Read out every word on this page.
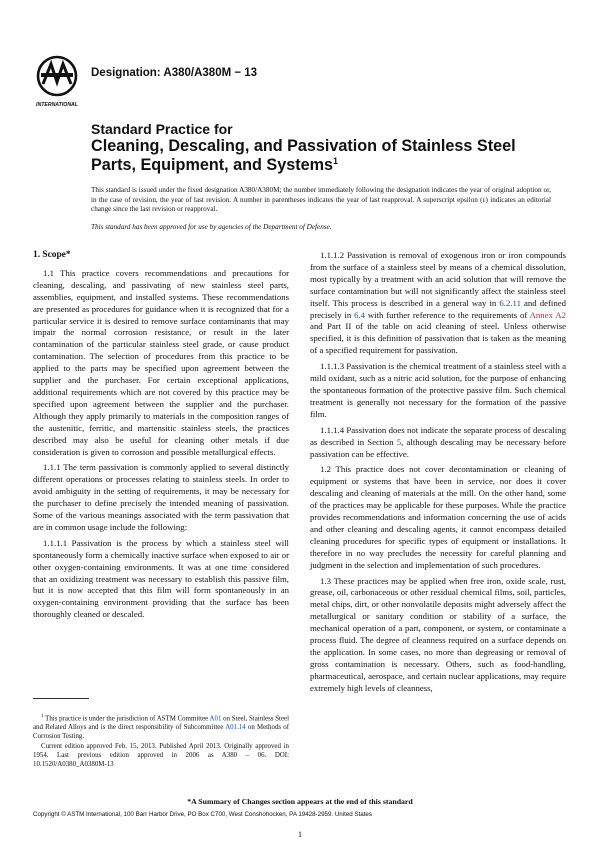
INTERNATIONAL
Designation: A380/A380M − 13
Standard Practice for
Cleaning, Descaling, and Passivation of Stainless Steel
Parts, Equipment, and Systems$^1$
This standard is issued under the fixed designation A380/A380M; the number immediately following the designation indicates the year of original adoption or, in the case of revision, the year of last revision. A number in parentheses indicates the year of last reapproval. A superscript epsilon (ε) indicates an editorial change since the last revision or reapproval.
This standard has been approved for use by agencies of the Department of Defense.
1. Scope*

1.1 This practice covers recommendations and precautions for cleaning, descaling, and passivating of new stainless steel parts, assemblies, equipment, and installed systems. These recommendations are presented as procedures for guidance when it is recognized that for a particular service it is desired to remove surface contaminants that may impair the normal corrosion resistance, or result in the later contamination of the particular stainless steel grade, or cause product contamination. The selection of procedures from this practice to be applied to the parts may be specified upon agreement between the supplier and the purchaser. For certain exceptional applications, additional requirements which are not covered by this practice may be specified upon agreement between the supplier and the purchaser. Although they apply primarily to materials in the composition ranges of the austenitic, ferritic, and martensitic stainless steels, the practices described may also be useful for cleaning other metals if due consideration is given to corrosion and possible metallurgical effects.

1.1.1 The term passivation is commonly applied to several distinctly different operations or processes relating to stainless steels. In order to avoid ambiguity in the setting of requirements, it may be necessary for the purchaser to define precisely the intended meaning of passivation. Some of the various meanings associated with the term passivation that are in common usage include the following:

1.1.1.1 Passivation is the process by which a stainless steel will spontaneously form a chemically inactive surface when exposed to air or other oxygen-containing environments. It was at one time considered that an oxidizing treatment was necessary to establish this passive film, but it is now accepted that this film will form spontaneously in an oxygen-containing environment providing that the surface has been thoroughly cleaned or descaled.

1.1.1.2 Passivation is removal of exogenous iron or iron compounds from the surface of a stainless steel by means of a chemical dissolution, most typically by a treatment with an acid solution that will remove the surface contamination but will not significantly affect the stainless steel itself. This process is described in a general way in 6.2.11 and defined precisely in 6.4 with further reference to the requirements of Annex A2 and Part II of the table on acid cleaning of steel. Unless otherwise specified, it is this definition of passivation that is taken as the meaning of a specified requirement for passivation.

1.1.1.3 Passivation is the chemical treatment of a stainless steel with a mild oxidant, such as a nitric acid solution, for the purpose of enhancing the spontaneous formation of the protective passive film. Such chemical treatment is generally not necessary for the formation of the passive film.

1.1.1.4 Passivation does not indicate the separate process of descaling as described in Section 5, although descaling may be necessary before passivation can be effective.

1.2 This practice does not cover decontamination or cleaning of equipment or systems that have been in service, nor does it cover descaling and cleaning of materials at the mill. On the other hand, some of the practices may be applicable for these purposes. While the practice provides recommendations and information concerning the use of acids and other cleaning and descaling agents, it cannot encompass detailed cleaning procedures for specific types of equipment or installations. It therefore in no way precludes the necessity for careful planning and judgment in the selection and implementation of such procedures.

1.3 These practices may be applied when free iron, oxide scale, rust, grease, oil, carbonaceous or other residual chemical films, soil, particles, metal chips, dirt, or other nonvolatile deposits might adversely affect the metallurgical or sanitary condition or stability of a surface, the mechanical operation of a part, component, or system, or contaminate a process fluid. The degree of cleanness required on a surface depends on the application. In some cases, no more than degreasing or removal of gross contamination is necessary. Others, such as food-handling, pharmaceutical, aerospace, and certain nuclear applications, may require extremely high levels of cleanness,

$^1$ This practice is under the jurisdiction of ASTM Committee A01 on Steel, Stainless Steel and Related Alloys and is the direct responsibility of Subcommittee A01.14 on Methods of Corrosion Testing.

Current edition approved Feb. 15, 2013. Published April 2013. Originally approved in 1954. Last previous edition approved in 2006 as A380 – 06. DOI: 10.1520/A0380_A0380M-13

*A Summary of Changes section appears at the end of this standard
Copyright © ASTM International, 100 Barr Harbor Drive, PO Box C700, West Conshohocken, PA 19428-2959. United States
1
